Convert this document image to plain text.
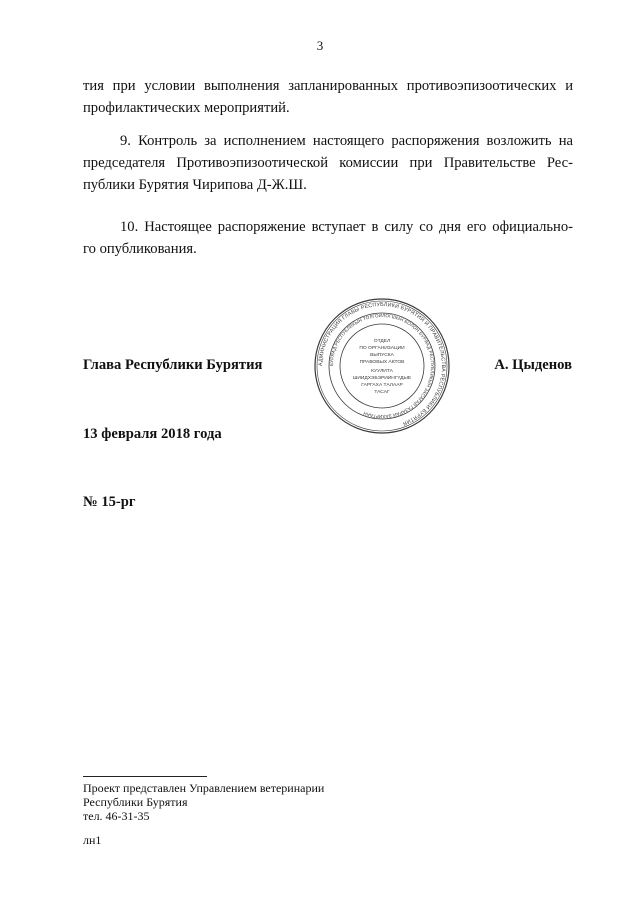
3
тия при условии выполнения запланированных противоэпизоотических и
профилактических мероприятий.
9. Контроль за исполнением настоящего распоряжения возложить на
председателя Противоэпизоотической комиссии при Правительстве Рес-
публики Бурятия Чирипова Д-Ж.Ш.
10. Настоящее распоряжение вступает в силу со дня его официально-
го опубликования.
АДМИНИСТРАЦИЯ ГЛАВЫ РЕСПУБЛИКИ БУРЯТИЯ И ПРАВИТЕЛЬСТВА РЕСПУБЛИКИ БУРЯТИЯ
БУРЯАД РЕСПУБЛИКЫН ТОЛГОЙЛОГШЫН БОЛОН БУРЯАД РЕСПУБЛИКЫН ЗАСАГАЙ ГАЗАРАЙ ЗАХИРГААН
ОТДЕЛ
ПО ОРГАНИЗАЦИИ
ВЫПУСКА
ПРАВОВЫХ АКТОВ
КУУЛИТА
ШИИДХЭБЭРИИНГҮДЫЕ
ГАРГАХА ТАЛААР
ТАСАГ
Глава Республики Бурятия	А. Цыденов
13 февраля 2018 года
№ 15-рг
Проект представлен Управлением ветеринарии
Республики Бурятия
тел. 46-31-35
лн1
